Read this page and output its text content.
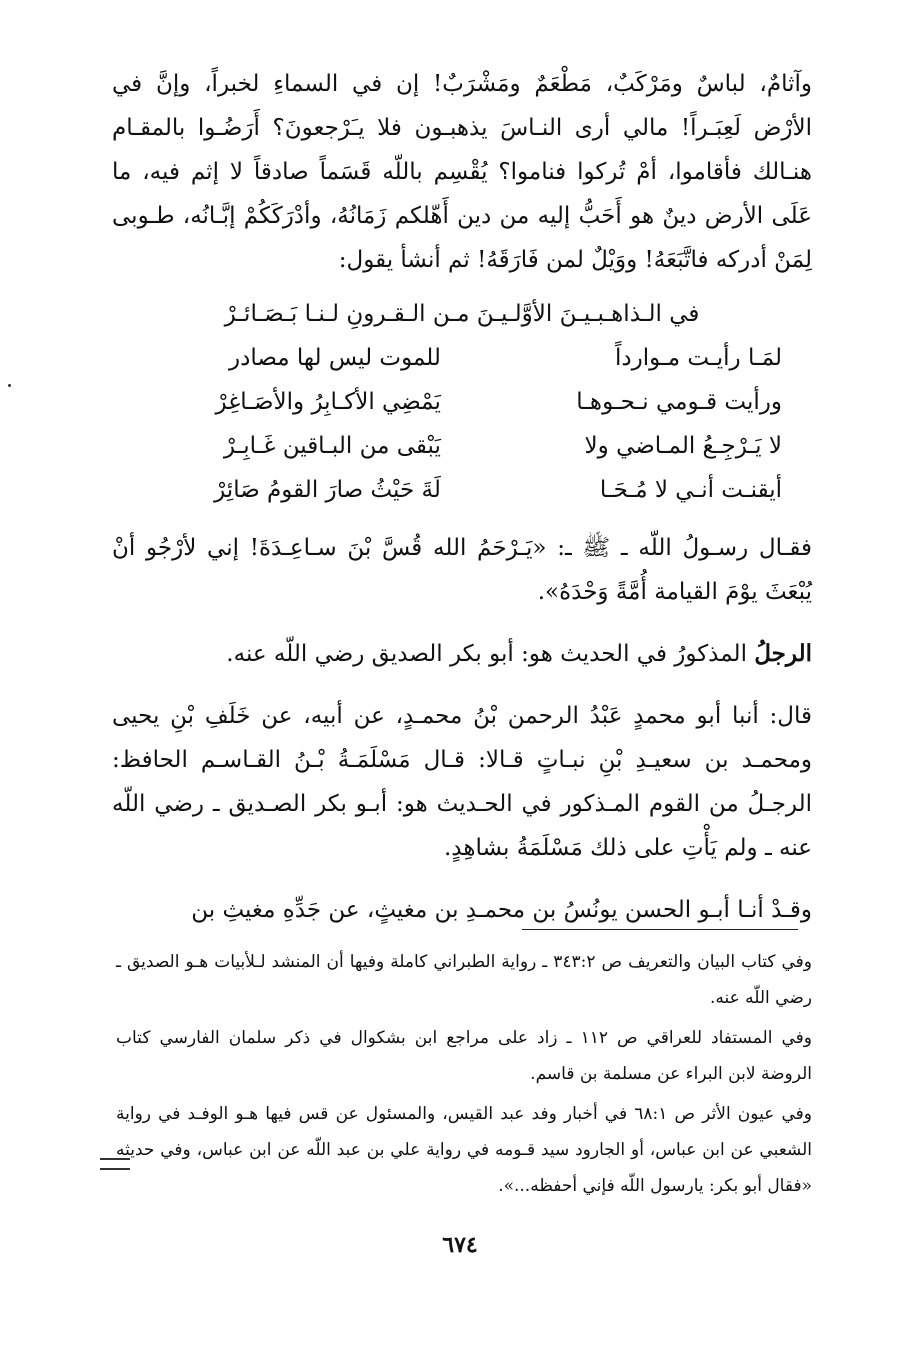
وآثامٌ، لباسٌ ومَرْكَبٌ، مَطْعَمٌ ومَشْرَبٌ! إن في السماءِ لخبراً، وإنَّ في الأرْض لَعِبَـراً! مالي أرى النـاسَ يذهبـون فلا يـَرْجعونَ؟ أَرَضُـوا بالمقـام هنـالك فأقاموا، أمْ تُركوا فناموا؟ يُقْسِم باللّه قَسَماً صادقاً لا إثم فيه، ما عَلَى الأرض دينٌ هو أَحَبُّ إليه من دين أَهّلكم زَمَانُهُ، وأدْرَكَكُمْ إبَّـانُه، طـوبى لِمَنْ أدركه فاتَّبَعَهُ! ووَيْلٌ لمن فَارَقَهُ! ثم أنشأ يقول:

في الـذاهـبـيـنَ الأوَّلـيـنَ مـن الـقـرونِ لـنـا بَـصَـائـرْ

لمَـا رأيـت مـوارداً
للموت ليس لها مصادر
ورأيت قـومي نـحـوهـا
يَمْضِي الأكـابِرُ والأصَـاغِرْ
لا يَـرْجِـعُ المـاضي ولا
يَبْقى من البـاقين غَـابِـرْ
أيقنـت أنـي لا مُـحَـا
لَةَ حَيْثُ صارَ القومُ صَائِرْ

فقـال رسـولُ اللّه ـ ﷺ ـ: «يَـرْحَمُ الله قُسَّ بْنَ سـاعِـدَةَ! إني لأرْجُو أنْ يُبْعَثَ يوْمَ القيامة أُمَّةً وَحْدَهُ».

الرجلُ المذكورُ في الحديث هو: أبو بكر الصديق رضي اللّه عنه.

قال: أنبا أبو محمدٍ عَبْدُ الرحمن بْنُ محمـدٍ، عن أبيه، عن خَلَفِ بْنِ يحيى ومحمـد بن سعيـدِ بْنِ نبـاتٍ قـالا: قـال مَسْلَمَـةُ بْـنُ القـاسـم الحافظ: الرجـلُ من القوم المـذكور في الحـديث هو: أبـو بكر الصـديق ـ رضي اللّه عنه ـ ولم يَأْتِ على ذلك مَسْلَمَةُ بشاهِدٍ.

وقـدْ أنـا أبـو الحسن يونُسُ بن محمـدِ بن مغيثٍ، عن جَدِّهِ مغيثِ بن

وفي كتاب البيان والتعريف ص ٣٤٣:٢ ـ رواية الطبراني كاملة وفيها أن المنشد لـلأبيات هـو الصديق ـ رضي اللّه عنه.

وفي المستفاد للعراقي ص ١١٢ ـ زاد على مراجع ابن بشكوال في ذكر سلمان الفارسي كتاب الروضة لابن البراء عن مسلمة بن قاسم.

وفي عيون الأثر ص ٦٨:١ في أخبار وفد عبد القيس، والمسئول عن قس فيها هـو الوفـد في رواية الشعبي عن ابن عباس، أو الجارود سيد قـومه في رواية علي بن عبد اللّه عن ابن عباس، وفي حديثه «فقال أبو بكر: يارسول اللّه فإني أحفظه...».

٦٧٤
